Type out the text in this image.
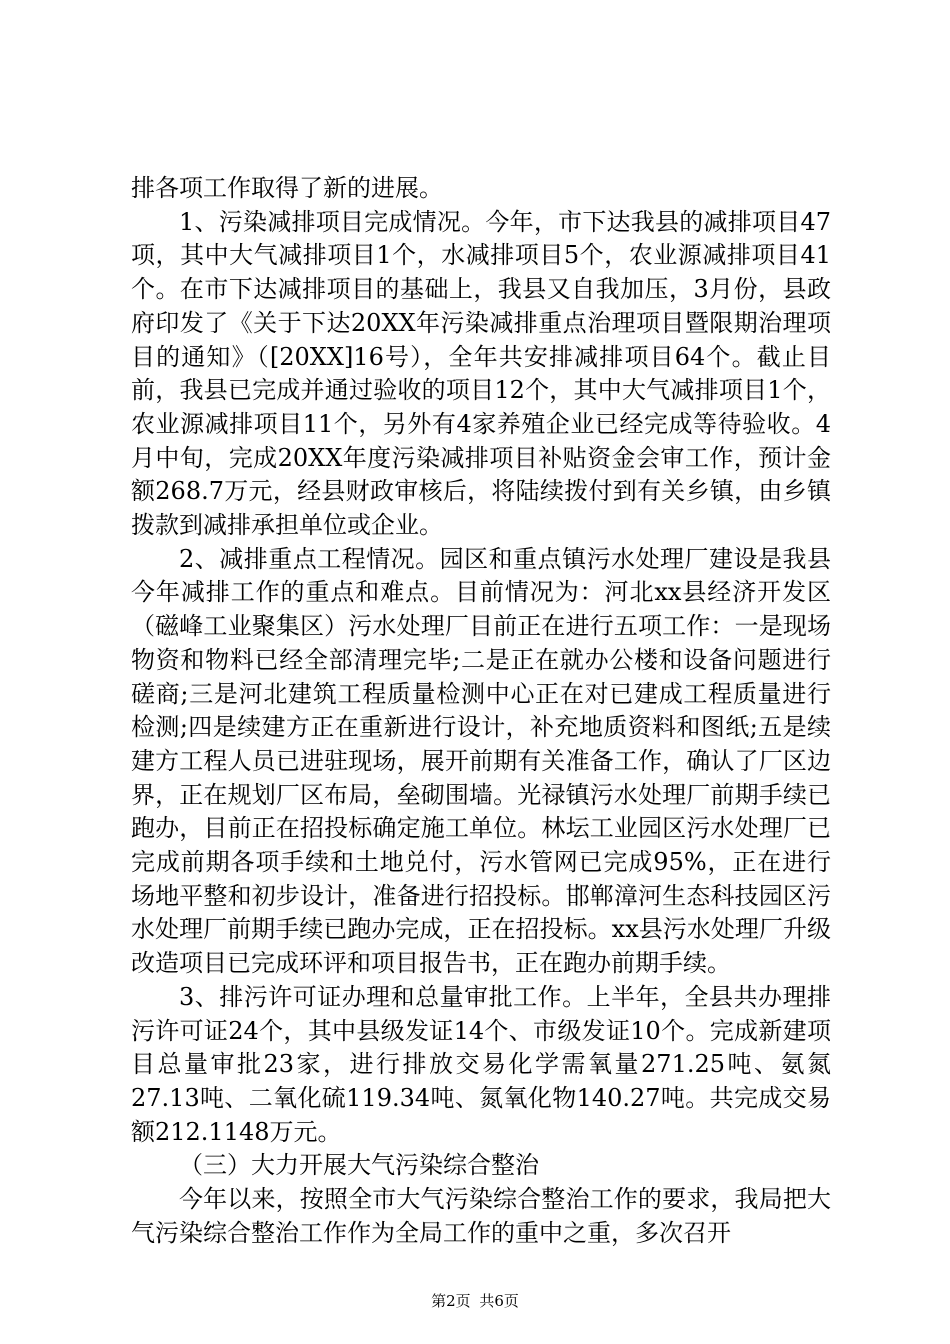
排各项工作取得了新的进展。

1、污染减排项目完成情况。今年，市下达我县的减排项目47项，其中大气减排项目1个，水减排项目5个，农业源减排项目41个。在市下达减排项目的基础上，我县又自我加压，3月份，县政府印发了《关于下达20XX年污染减排重点治理项目暨限期治理项目的通知》（[20XX]16号），全年共安排减排项目64个。截止目前，我县已完成并通过验收的项目12个，其中大气减排项目1个，农业源减排项目11个，另外有4家养殖企业已经完成等待验收。4月中旬，完成20XX年度污染减排项目补贴资金会审工作，预计金额268.7万元，经县财政审核后，将陆续拨付到有关乡镇，由乡镇拨款到减排承担单位或企业。

2、减排重点工程情况。园区和重点镇污水处理厂建设是我县今年减排工作的重点和难点。目前情况为：河北xx县经济开发区（磁峰工业聚集区）污水处理厂目前正在进行五项工作：一是现场物资和物料已经全部清理完毕;二是正在就办公楼和设备问题进行磋商;三是河北建筑工程质量检测中心正在对已建成工程质量进行检测;四是续建方正在重新进行设计，补充地质资料和图纸;五是续建方工程人员已进驻现场，展开前期有关准备工作，确认了厂区边界，正在规划厂区布局，垒砌围墙。光禄镇污水处理厂前期手续已跑办，目前正在招投标确定施工单位。林坛工业园区污水处理厂已完成前期各项手续和土地兑付，污水管网已完成95%，正在进行场地平整和初步设计，准备进行招投标。邯郸漳河生态科技园区污水处理厂前期手续已跑办完成，正在招投标。xx县污水处理厂升级改造项目已完成环评和项目报告书，正在跑办前期手续。

3、排污许可证办理和总量审批工作。上半年，全县共办理排污许可证24个，其中县级发证14个、市级发证10个。完成新建项目总量审批23家，进行排放交易化学需氧量271.25吨、氨氮27.13吨、二氧化硫119.34吨、氮氧化物140.27吨。共完成交易额212.1148万元。

（三）大力开展大气污染综合整治

今年以来，按照全市大气污染综合整治工作的要求，我局把大气污染综合整治工作作为全局工作的重中之重，多次召开

第2页 共6页
